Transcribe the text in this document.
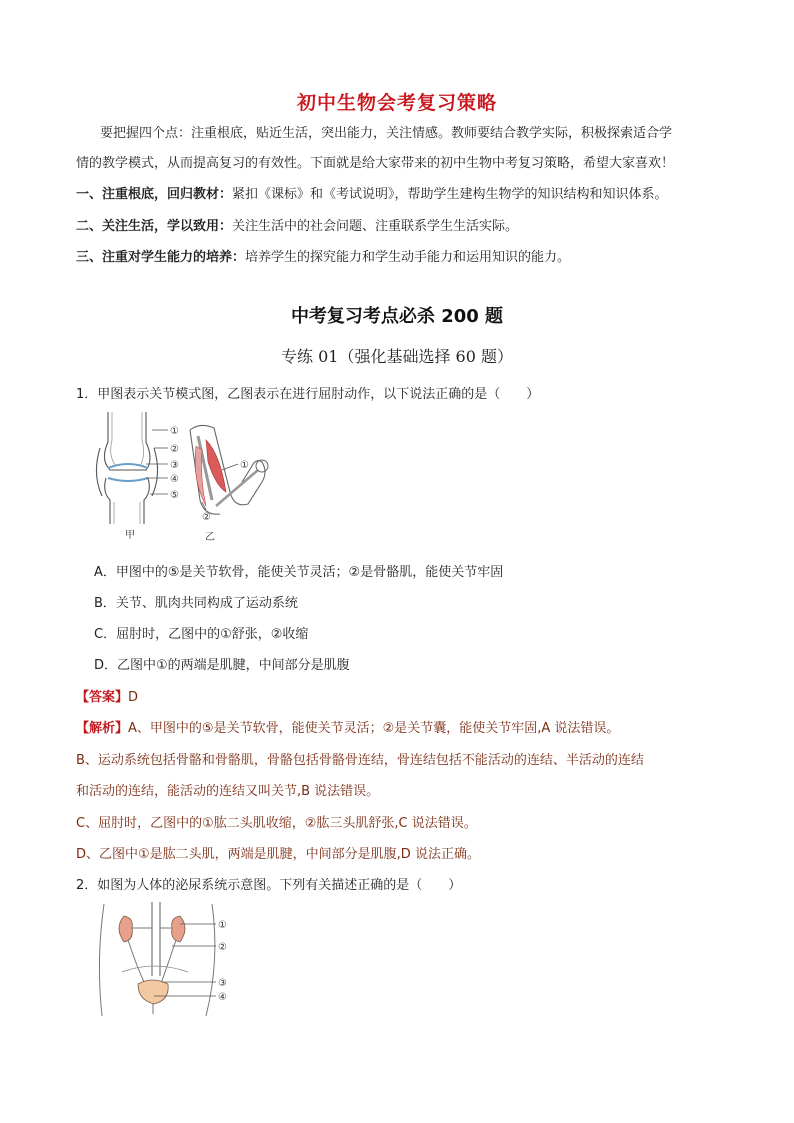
初中生物会考复习策略
要把握四个点：注重根底，贴近生活，突出能力，关注情感。教师要结合教学实际，积极探索适合学
情的教学模式，从而提高复习的有效性。下面就是给大家带来的初中生物中考复习策略，希望大家喜欢！
一、注重根底，回归教材：紧扣《课标》和《考试说明》，帮助学生建构生物学的知识结构和知识体系。
二、关注生活，学以致用：关注生活中的社会问题、注重联系学生生活实际。
三、注重对学生能力的培养：培养学生的探究能力和学生动手能力和运用知识的能力。
中考复习考点必杀 200 题
专练 01（强化基础选择 60 题）
1．甲图表示关节模式图，乙图表示在进行屈肘动作，以下说法正确的是（　　）
①
②
③
④
⑤
甲
①
②
乙
A．甲图中的⑤是关节软骨，能使关节灵活；②是骨骼肌，能使关节牢固
B．关节、肌肉共同构成了运动系统
C．屈肘时，乙图中的①舒张，②收缩
D．乙图中①的两端是肌腱，中间部分是肌腹
【答案】D
【解析】A、甲图中的⑤是关节软骨，能使关节灵活；②是关节囊，能使关节牢固,A 说法错误。
B、运动系统包括骨骼和骨骼肌，骨骼包括骨骼骨连结，骨连结包括不能活动的连结、半活动的连结
和活动的连结，能活动的连结又叫关节,B 说法错误。
C、屈肘时，乙图中的①肱二头肌收缩，②肱三头肌舒张,C 说法错误。
D、乙图中①是肱二头肌，两端是肌腱，中间部分是肌腹,D 说法正确。
2．如图为人体的泌尿系统示意图。下列有关描述正确的是（　　）
①
②
③
④
